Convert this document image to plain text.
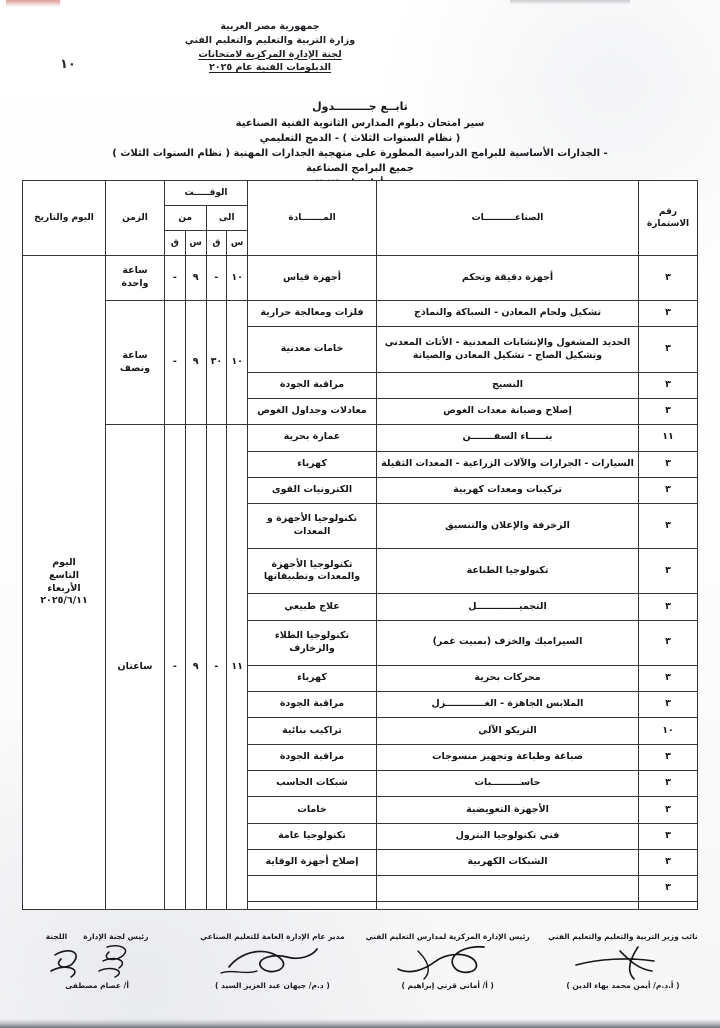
١٠
جمهورية مصر العربية
وزارة التربية والتعليم والتعليم الفني
لجنة الإدارة المركزية لامتحانات
الدبلومات الفنية عام ٢٠٢٥
تابــع جـــــــــدول
سير امتحان دبلوم المدارس الثانوية الفنية الصناعية
( نظام السنوات الثلاث ) - الدمج التعليمي
- الجدارات الأساسية للبرامج الدراسية المطورة على منهجية الجدارات المهنية ( نظام السنوات الثلاث )
جميع البرامج الصناعية
رقم الاستمارة	الصناعــــــــــات	المـــــــادة	الوقـــــت				الزمن	اليوم والتاريخ
			الى		من			
			س	ق	س	ق		
٣	أجهزة دقيقة وتحكم	أجهزة قياس	١٠	-	٩	-	ساعة واحدة	اليوم
التاسع
الأربعاء
٢٠٢٥/٦/١١

٣	تشكيل ولحام المعادن - السباكة والنماذج	فلزات ومعالجة حرارية	١٠	٣٠	٩	-	ساعة ونصف	
٣	الحديد المشغول والإنشابات المعدنية - الأثاث المعدني وتشكيل الصاج - تشكيل المعادن والصيانة	خامات معدنية						
٣	النسيج	مراقبة الجودة						
٣	إصلاح وصيانة معدات الغوص	معادلات وجداول الغوص						
١١	بنـــــاء السفـــــــن	عمارة بحرية	١١	-	٩	-	ساعتان	
٣	السيارات - الجرارات والآلات الزراعية - المعدات الثقيلة	كهرباء						
٣	تركيبات ومعدات كهربية	الكترونيات القوى						
٣	الزخرفة والإعلان والتنسيق	تكنولوجيا الأجهزة و المعدات						
٣	تكنولوجيا الطباعة	تكنولوجيا الأجهزة والمعدات وتطبيقاتها						
٣	التجميـــــــــــــل	علاج طبيعي						
٣	السيراميك والخزف (بمبيت غمر)	تكنولوجيا الطلاء والزخارف						
٣	محركات بحرية	كهرباء						
٣	الملابس الجاهزة - الغــــــــــــزل	مراقبة الجودة						
١٠	التريكو الآلي	تراكيب بنائية						
٣	صباغة وطباعة وتجهيز منسوجات	مراقبة الجودة						
٣	حاســـــــــبات	شبكات الحاسب						
٣	الأجهزة التعويضية	خامات						
٣	فني تكنولوجيا البترول	تكنولوجيا عامة						
٣	الشبكات الكهربية	إصلاح أجهزة الوقاية						
٣								

اللجنة رئيس لجنة الإدارة
أ/ عصام مصطفى
مدير عام الإدارة العامة للتعليم الصناعي
( د.م/ جيهان عبد العزيز السيد )
رئيس الإدارة المركزية لمدارس التعليم الفني
( أ/ أماني قرني إبراهيم )
نائب وزير التربية والتعليم والتعليم الفني
( أ.د.م/ أيمن محمد بهاء الدين )
